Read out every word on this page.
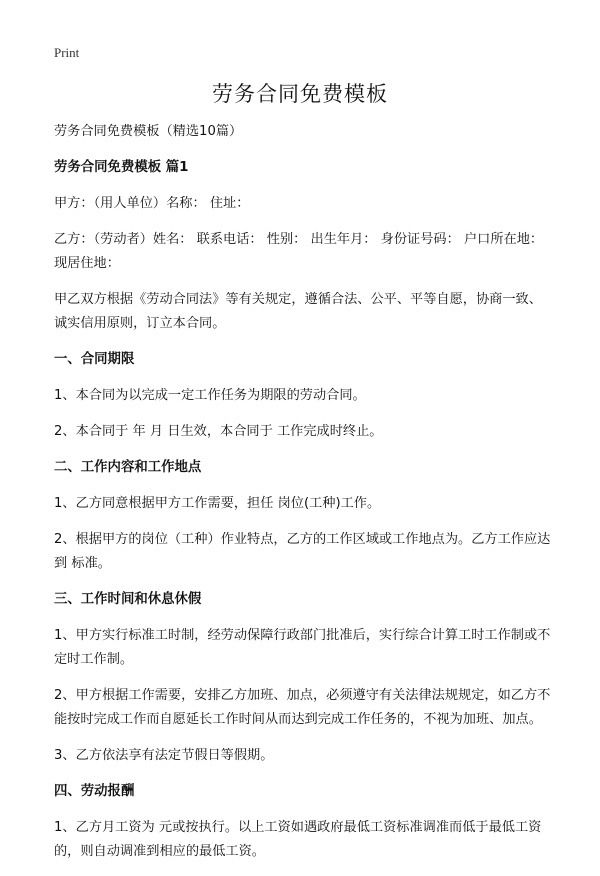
Print
劳务合同免费模板

劳务合同免费模板（精选10篇）

劳务合同免费模板 篇1

甲方：（用人单位）名称： 住址：

乙方：（劳动者）姓名： 联系电话： 性别： 出生年月： 身份证号码： 户口所在地： 现居住地：

甲乙双方根据《劳动合同法》等有关规定，遵循合法、公平、平等自愿，协商一致、诚实信用原则，订立本合同。

一、合同期限

1、本合同为以完成一定工作任务为期限的劳动合同。

2、本合同于 年 月 日生效，本合同于 工作完成时终止。

二、工作内容和工作地点

1、乙方同意根据甲方工作需要，担任 岗位(工种)工作。

2、根据甲方的岗位（工种）作业特点，乙方的工作区域或工作地点为。乙方工作应达到 标准。

三、工作时间和休息休假

1、甲方实行标准工时制，经劳动保障行政部门批准后，实行综合计算工时工作制或不定时工作制。

2、甲方根据工作需要，安排乙方加班、加点，必须遵守有关法律法规规定，如乙方不能按时完成工作而自愿延长工作时间从而达到完成工作任务的，不视为加班、加点。

3、乙方依法享有法定节假日等假期。

四、劳动报酬

1、乙方月工资为 元或按执行。以上工资如遇政府最低工资标准调准而低于最低工资的，则自动调准到相应的最低工资。
